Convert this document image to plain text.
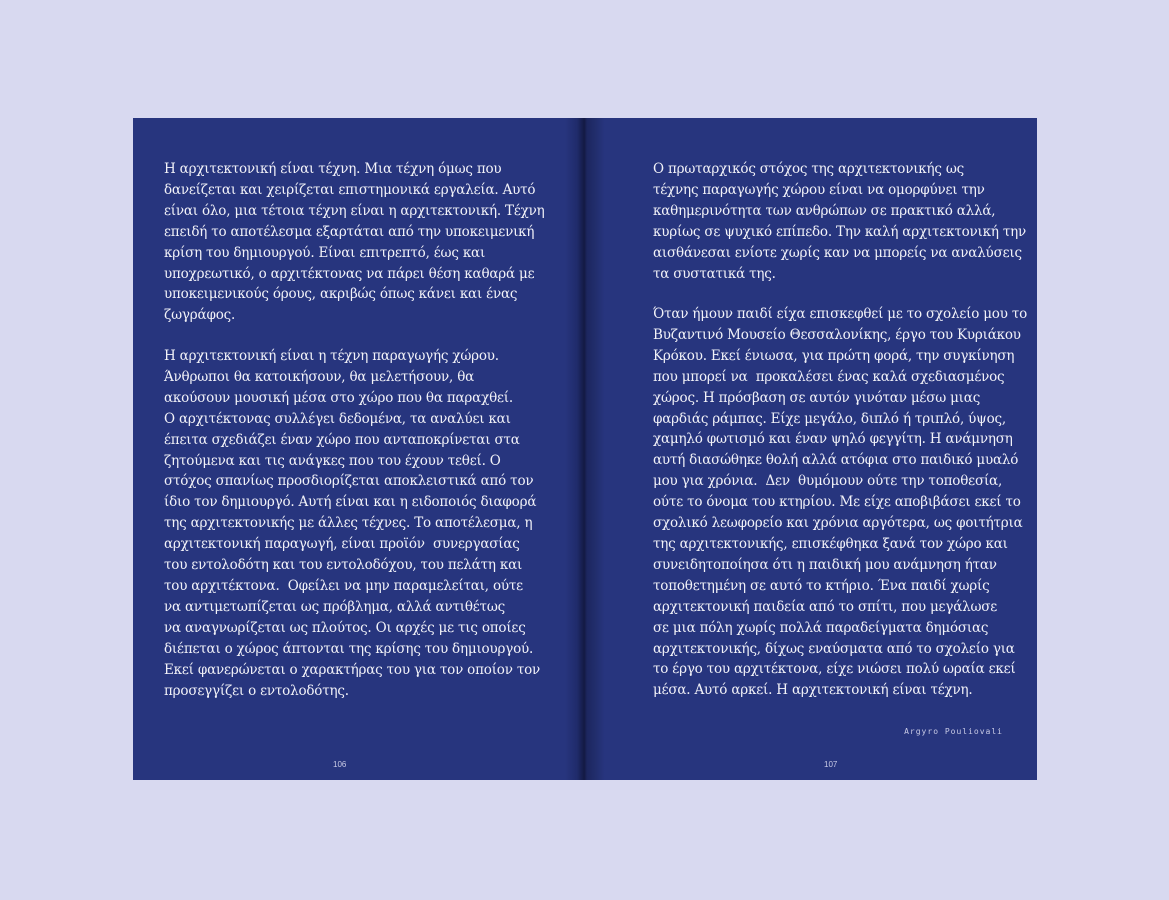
Η αρχιτεκτονική είναι τέχνη. Μια τέχνη όμως που
δανείζεται και χειρίζεται επιστημονικά εργαλεία. Αυτό
είναι όλο, μια τέτοια τέχνη είναι η αρχιτεκτονική. Τέχνη
επειδή το αποτέλεσμα εξαρτάται από την υποκειμενική
κρίση του δημιουργού. Είναι επιτρεπτό, έως και
υποχρεωτικό, ο αρχιτέκτονας να πάρει θέση καθαρά με
υποκειμενικούς όρους, ακριβώς όπως κάνει και ένας
ζωγράφος.

Η αρχιτεκτονική είναι η τέχνη παραγωγής χώρου.
Άνθρωποι θα κατοικήσουν, θα μελετήσουν, θα
ακούσουν μουσική μέσα στο χώρο που θα παραχθεί.
Ο αρχιτέκτονας συλλέγει δεδομένα, τα αναλύει και
έπειτα σχεδιάζει έναν χώρο που ανταποκρίνεται στα
ζητούμενα και τις ανάγκες που του έχουν τεθεί. Ο
στόχος σπανίως προσδιορίζεται αποκλειστικά από τον
ίδιο τον δημιουργό. Αυτή είναι και η ειδοποιός διαφορά
της αρχιτεκτονικής με άλλες τέχνες. Το αποτέλεσμα, η
αρχιτεκτονική παραγωγή, είναι προϊόν  συνεργασίας
του εντολοδότη και του εντολοδόχου, του πελάτη και
του αρχιτέκτονα.  Οφείλει να μην παραμελείται, ούτε
να αντιμετωπίζεται ως πρόβλημα, αλλά αντιθέτως
να αναγνωρίζεται ως πλούτος. Οι αρχές με τις οποίες
διέπεται ο χώρος άπτονται της κρίσης του δημιουργού.
Εκεί φανερώνεται ο χαρακτήρας του για τον οποίον τον
προσεγγίζει ο εντολοδότης.

106

Ο πρωταρχικός στόχος της αρχιτεκτονικής ως
τέχνης παραγωγής χώρου είναι να ομορφύνει την
καθημερινότητα των ανθρώπων σε πρακτικό αλλά,
κυρίως σε ψυχικό επίπεδο. Την καλή αρχιτεκτονική την
αισθάνεσαι ενίοτε χωρίς καν να μπορείς να αναλύσεις
τα συστατικά της.

Όταν ήμουν παιδί είχα επισκεφθεί με το σχολείο μου το
Βυζαντινό Μουσείο Θεσσαλονίκης, έργο του Κυριάκου
Κρόκου. Εκεί ένιωσα, για πρώτη φορά, την συγκίνηση
που μπορεί να  προκαλέσει ένας καλά σχεδιασμένος
χώρος. Η πρόσβαση σε αυτόν γινόταν μέσω μιας
φαρδιάς ράμπας. Είχε μεγάλο, διπλό ή τριπλό, ύψος,
χαμηλό φωτισμό και έναν ψηλό φεγγίτη. Η ανάμνηση
αυτή διασώθηκε θολή αλλά ατόφια στο παιδικό μυαλό
μου για χρόνια.  Δεν  θυμόμουν ούτε την τοποθεσία,
ούτε το όνομα του κτηρίου. Με είχε αποβιβάσει εκεί το
σχολικό λεωφορείο και χρόνια αργότερα, ως φοιτήτρια
της αρχιτεκτονικής, επισκέφθηκα ξανά τον χώρο και
συνειδητοποίησα ότι η παιδική μου ανάμνηση ήταν
τοποθετημένη σε αυτό το κτήριο. Ένα παιδί χωρίς
αρχιτεκτονική παιδεία από το σπίτι, που μεγάλωσε
σε μια πόλη χωρίς πολλά παραδείγματα δημόσιας
αρχιτεκτονικής, δίχως εναύσματα από το σχολείο για
το έργο του αρχιτέκτονα, είχε νιώσει πολύ ωραία εκεί
μέσα. Αυτό αρκεί. Η αρχιτεκτονική είναι τέχνη.

Argyro Pouliovali
107
